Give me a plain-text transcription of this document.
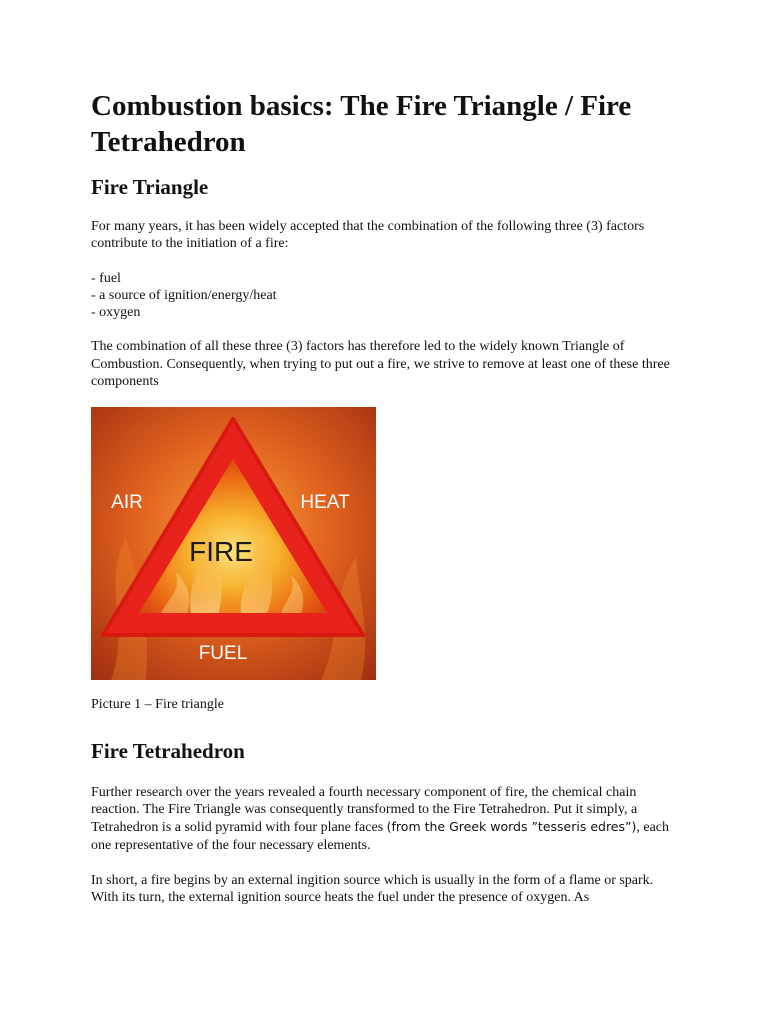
Combustion basics: The Fire Triangle / Fire Tetrahedron
Fire Triangle

For many years, it has been widely accepted that the combination of the following three (3) factors contribute to the initiation of a fire:

- fuel
- a source of ignition/energy/heat
- oxygen

The combination of all these three (3) factors has therefore led to the widely known Triangle of Combustion. Consequently, when trying to put out a fire, we strive to remove at least one of these three components

FIRE
AIR	HEAT
FUEL

Picture 1 – Fire triangle

Fire Tetrahedron

Further research over the years revealed a fourth necessary component of fire, the chemical chain reaction. The Fire Triangle was consequently transformed to the Fire Tetrahedron. Put it simply, a Tetrahedron is a solid pyramid with four plane faces (from the Greek words ”tesseris edres”), each one representative of the four necessary elements.

In short, a fire begins by an external ingition source which is usually in the form of a flame or spark. With its turn, the external ignition source heats the fuel under the presence of oxygen. As
